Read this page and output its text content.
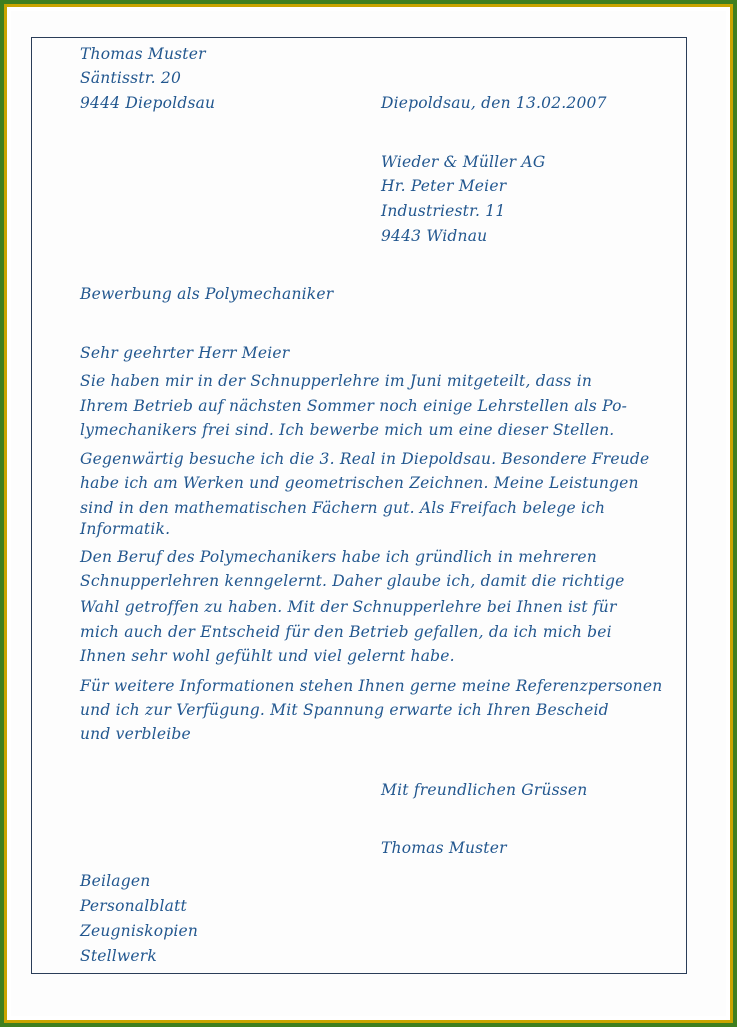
Thomas Muster
Säntisstr. 20
9444 Diepoldsau	Diepoldsau, den 13.02.2007
Wieder & Müller AG
Hr. Peter Meier
Industriestr. 11
9443 Widnau
Bewerbung als Polymechaniker
Sehr geehrter Herr Meier
Sie haben mir in der Schnupperlehre im Juni mitgeteilt, dass in
Ihrem Betrieb auf nächsten Sommer noch einige Lehrstellen als Po-
lymechanikers frei sind. Ich bewerbe mich um eine dieser Stellen.
Gegenwärtig besuche ich die 3. Real in Diepoldsau. Besondere Freude
habe ich am Werken und geometrischen Zeichnen. Meine Leistungen
sind in den mathematischen Fächern gut. Als Freifach belege ich
Informatik.
Den Beruf des Polymechanikers habe ich gründlich in mehreren
Schnupperlehren kenngelernt. Daher glaube ich, damit die richtige
Wahl getroffen zu haben. Mit der Schnupperlehre bei Ihnen ist für
mich auch der Entscheid für den Betrieb gefallen, da ich mich bei
Ihnen sehr wohl gefühlt und viel gelernt habe.
Für weitere Informationen stehen Ihnen gerne meine Referenzpersonen
und ich zur Verfügung. Mit Spannung erwarte ich Ihren Bescheid
und verbleibe
Mit freundlichen Grüssen
Thomas Muster
Beilagen
Personalblatt
Zeugniskopien
Stellwerk
